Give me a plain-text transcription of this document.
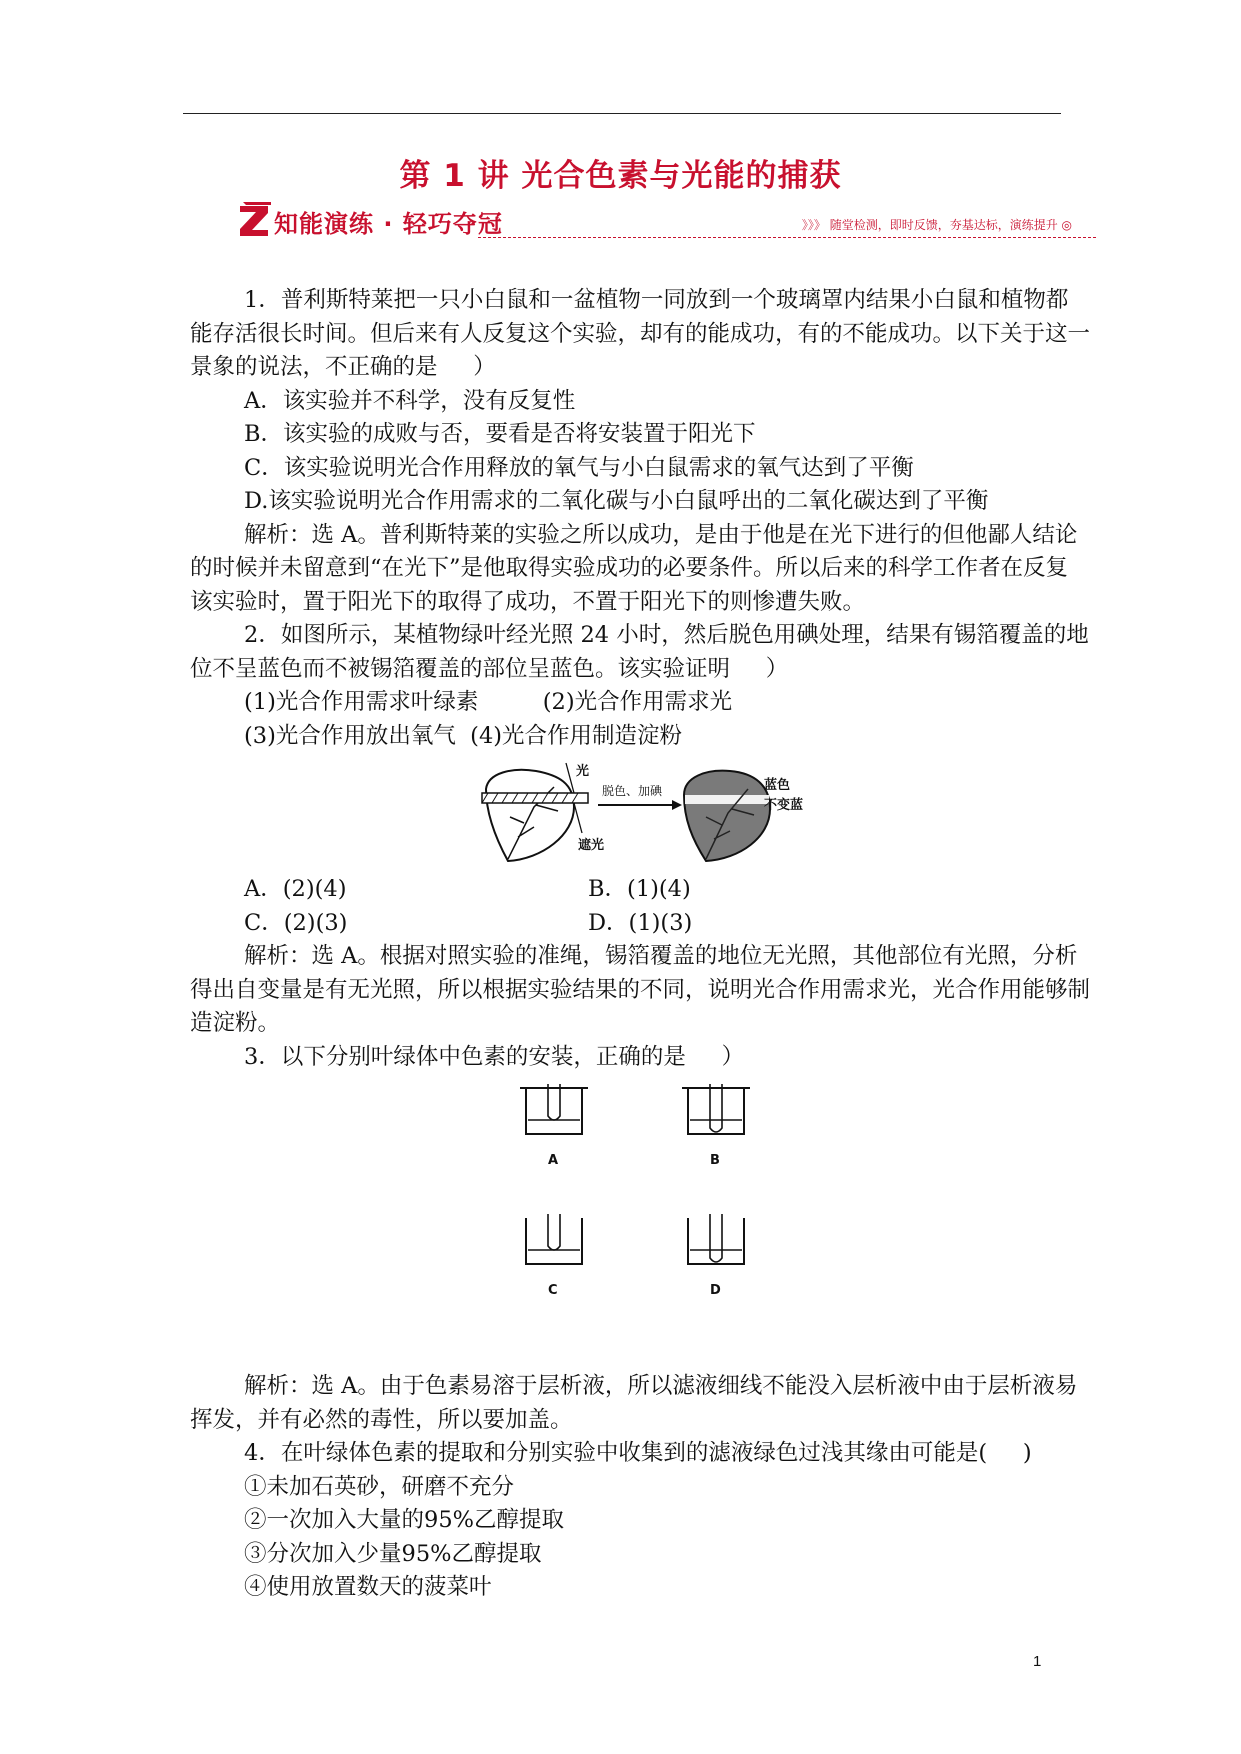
第 1 讲 光合色素与光能的捕获
知能演练 · 轻巧夺冠	》》》 随堂检测，即时反馈，夯基达标，演练提升 ◎

1．普利斯特莱把一只小白鼠和一盆植物一同放到一个玻璃罩内结果小白鼠和植物都能存活很长时间。但后来有人反复这个实验，却有的能成功，有的不能成功。以下关于这一景象的说法，不正确的是     ）

A．该实验并不科学，没有反复性

B．该实验的成败与否，要看是否将安装置于阳光下

C．该实验说明光合作用释放的氧气与小白鼠需求的氧气达到了平衡

D.该实验说明光合作用需求的二氧化碳与小白鼠呼出的二氧化碳达到了平衡

解析：选 A。普利斯特莱的实验之所以成功，是由于他是在光下进行的但他鄙人结论的时候并未留意到“在光下”是他取得实验成功的必要条件。所以后来的科学工作者在反复该实验时，置于阳光下的取得了成功，不置于阳光下的则惨遭失败。

2．如图所示，某植物绿叶经光照 24 小时，然后脱色用碘处理，结果有锡箔覆盖的地位不呈蓝色而不被锡箔覆盖的部位呈蓝色。该实验证明     ）

(1)光合作用需求叶绿素         (2)光合作用需求光

(3)光合作用放出氧气  (4)光合作用制造淀粉

光
遮光
脱色、加碘	蓝色
不变蓝
A．(2)(4)	B．(1)(4)
C．(2)(3)	D．(1)(3)

解析：选 A。根据对照实验的准绳，锡箔覆盖的地位无光照，其他部位有光照，分析得出自变量是有无光照，所以根据实验结果的不同，说明光合作用需求光，光合作用能够制造淀粉。

3．以下分别叶绿体中色素的安装，正确的是     ）

A	B
C	D

解析：选 A。由于色素易溶于层析液，所以滤液细线不能没入层析液中由于层析液易挥发，并有必然的毒性，所以要加盖。

4．在叶绿体色素的提取和分别实验中收集到的滤液绿色过浅其缘由可能是(     )

①未加石英砂，研磨不充分

②一次加入大量的95%乙醇提取

③分次加入少量95%乙醇提取

④使用放置数天的菠菜叶

1
